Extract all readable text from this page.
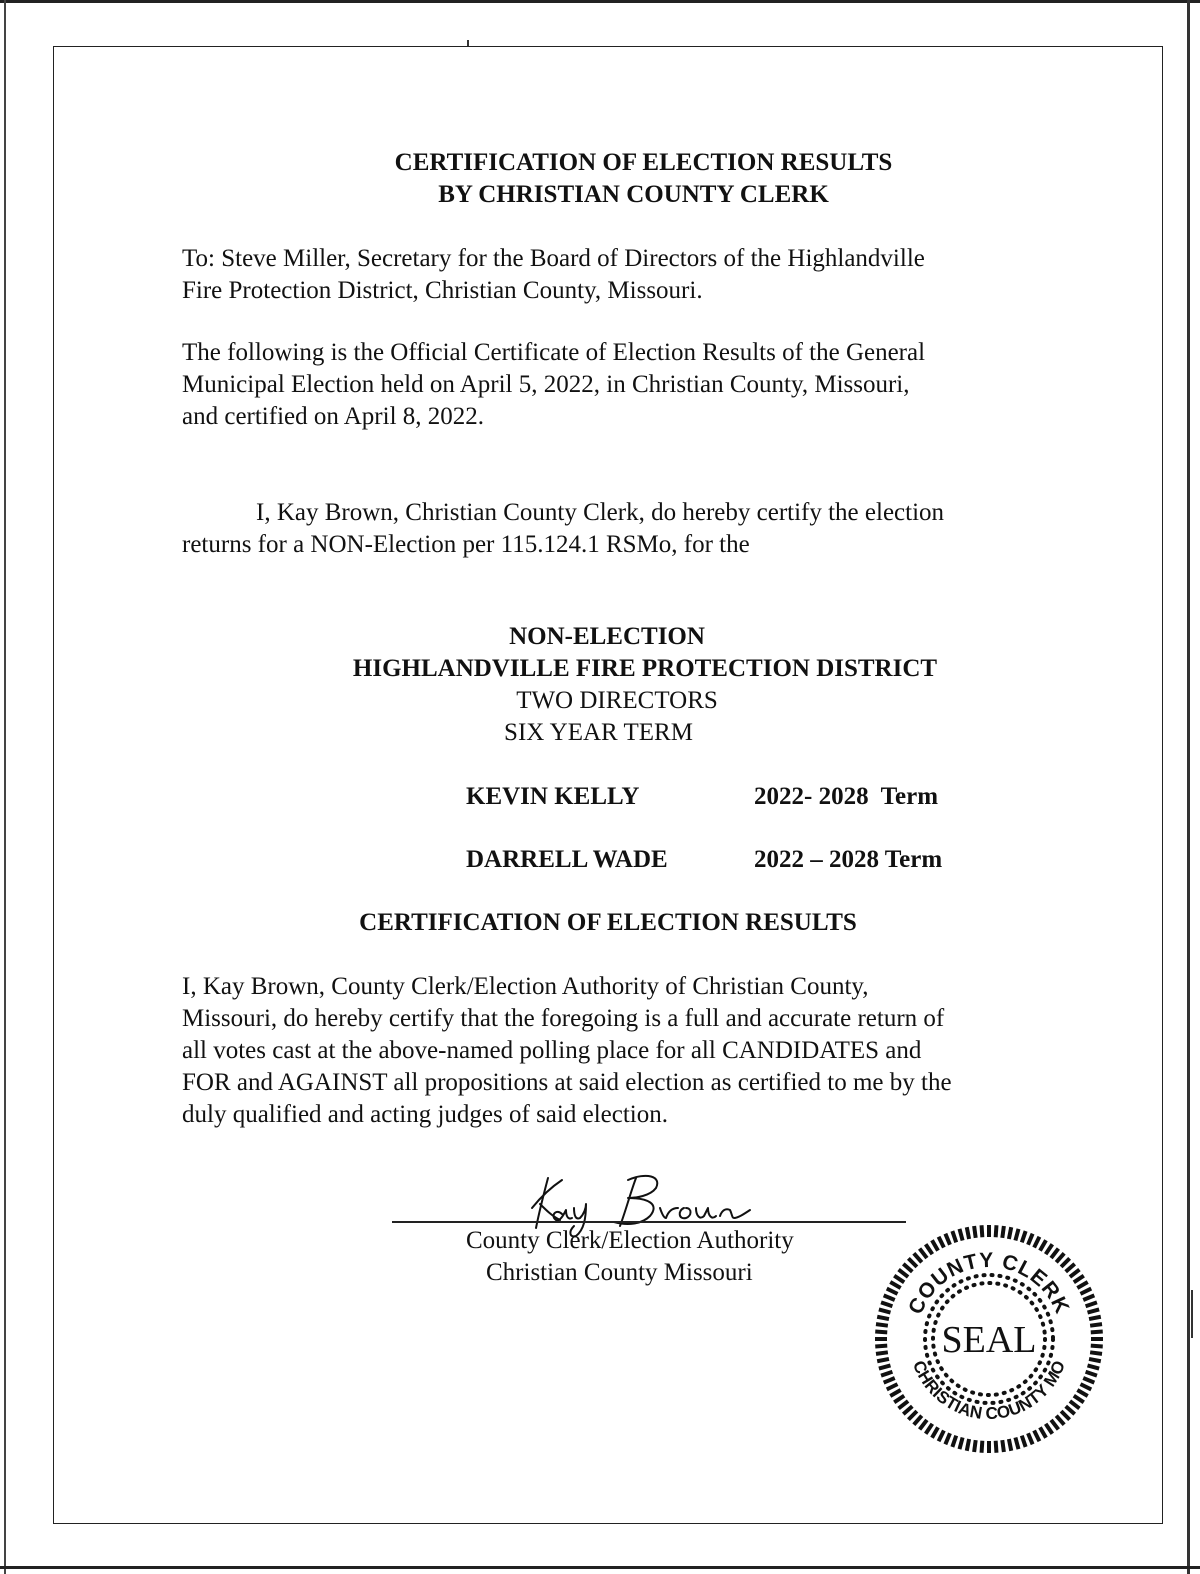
CERTIFICATION OF ELECTION RESULTS
BY CHRISTIAN COUNTY CLERK
To: Steve Miller, Secretary for the Board of Directors of the Highlandville
Fire Protection District, Christian County, Missouri.
The following is the Official Certificate of Election Results of the General
Municipal Election held on April 5, 2022, in Christian County, Missouri,
and certified on April 8, 2022.
I, Kay Brown, Christian County Clerk, do hereby certify the election
returns for a NON-Election per 115.124.1 RSMo, for the
NON-ELECTION
HIGHLANDVILLE FIRE PROTECTION DISTRICT
TWO DIRECTORS
SIX YEAR TERM
KEVIN KELLY	2022- 2028  Term
DARRELL WADE	2022 – 2028 Term
CERTIFICATION OF ELECTION RESULTS
I, Kay Brown, County Clerk/Election Authority of Christian County,
Missouri, do hereby certify that the foregoing is a full and accurate return of
all votes cast at the above-named polling place for all CANDIDATES and
FOR and AGAINST all propositions at said election as certified to me by the
duly qualified and acting judges of said election.
County Clerk/Election Authority
Christian County Missouri
COUNTY CLERK
CHRISTIAN COUNTY MO
SEAL
